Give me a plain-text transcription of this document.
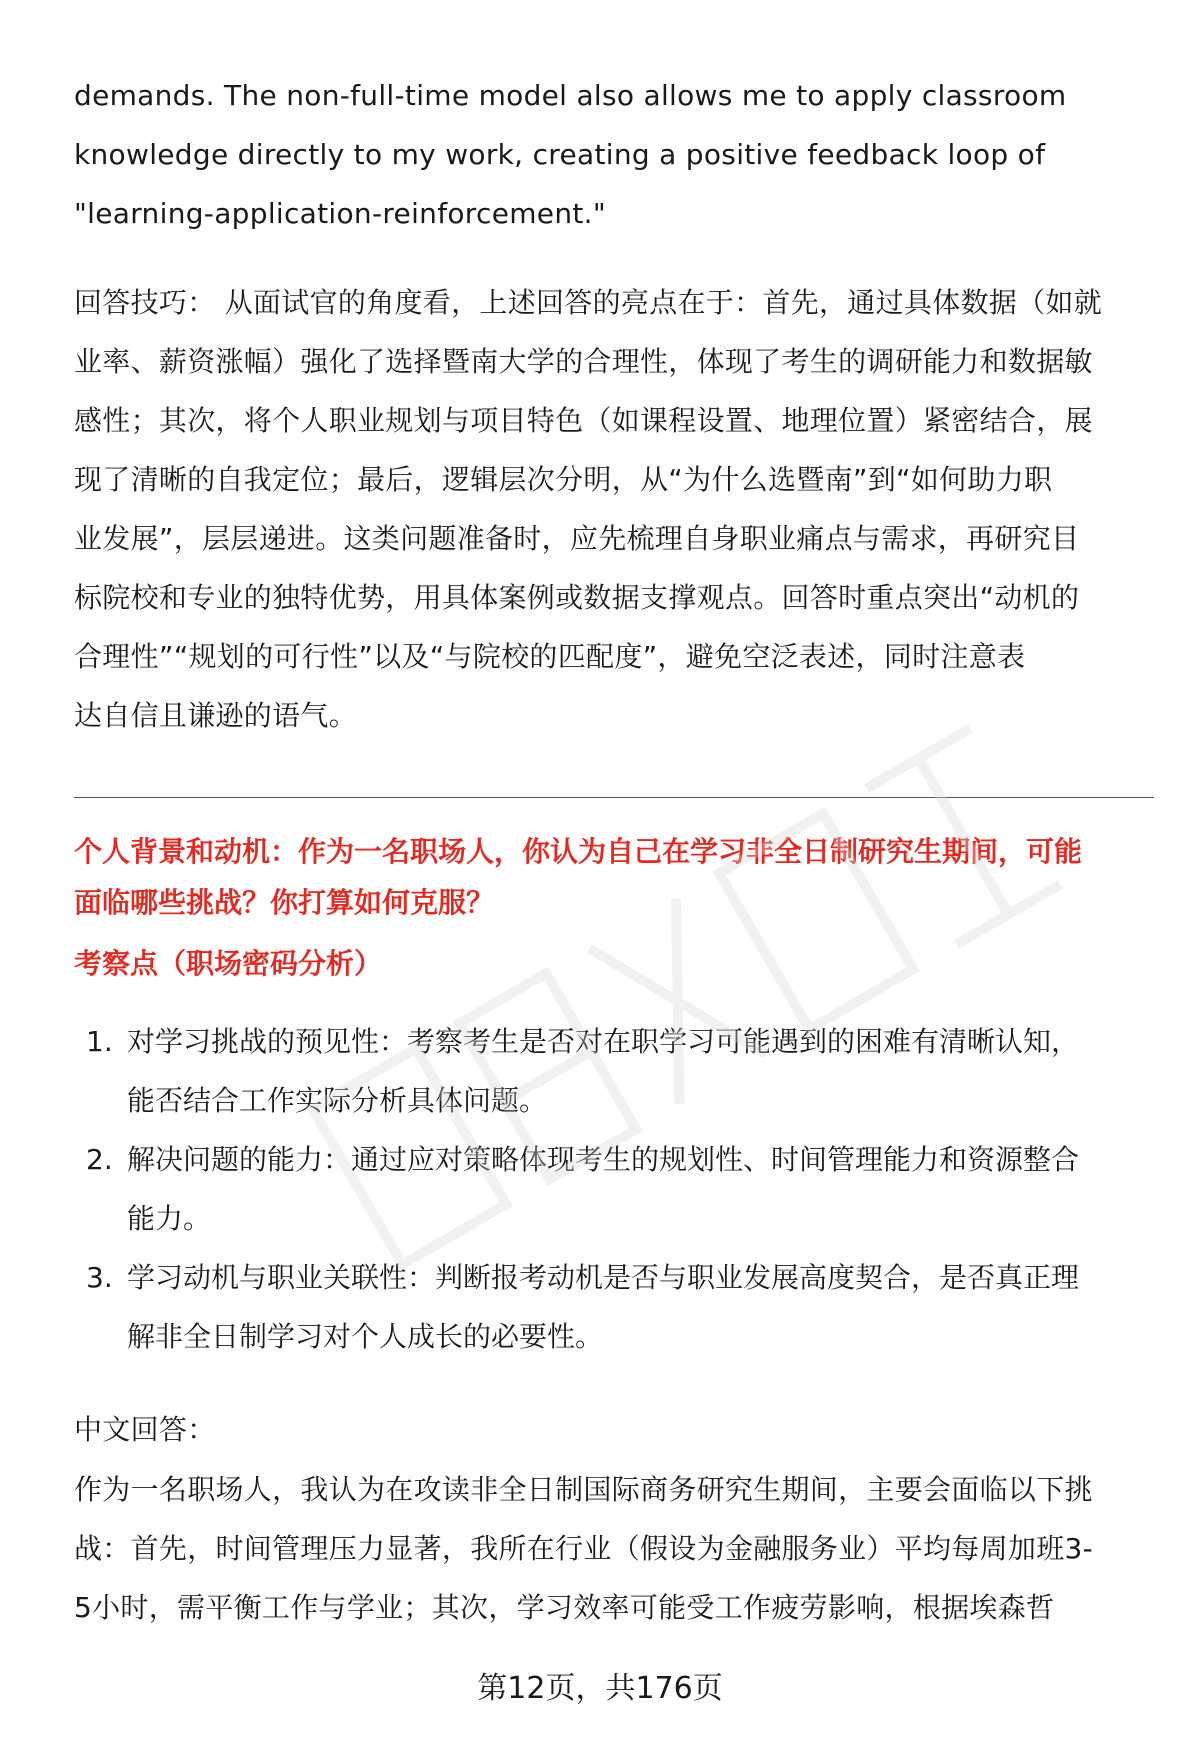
demands. The non-full-time model also allows me to apply classroom

knowledge directly to my work, creating a positive feedback loop of

"learning-application-reinforcement."

回答技巧： 从面试官的角度看，上述回答的亮点在于：首先，通过具体数据（如就

业率、薪资涨幅）强化了选择暨南大学的合理性，体现了考生的调研能力和数据敏

感性；其次，将个人职业规划与项目特色（如课程设置、地理位置）紧密结合，展

现了清晰的自我定位；最后，逻辑层次分明，从“为什么选暨南”到“如何助力职

业发展”，层层递进。这类问题准备时，应先梳理自身职业痛点与需求，再研究目

标院校和专业的独特优势，用具体案例或数据支撑观点。回答时重点突出“动机的

合理性”“规划的可行性”以及“与院校的匹配度”，避免空泛表述，同时注意表

达自信且谦逊的语气。

个人背景和动机：作为一名职场人，你认为自己在学习非全日制研究生期间，可能
面临哪些挑战？你打算如何克服？
考察点（职场密码分析）
1. 对学习挑战的预见性：考察考生是否对在职学习可能遇到的困难有清晰认知，
能否结合工作实际分析具体问题。
2. 解决问题的能力：通过应对策略体现考生的规划性、时间管理能力和资源整合
能力。
3. 学习动机与职业关联性：判断报考动机是否与职业发展高度契合，是否真正理
解非全日制学习对个人成长的必要性。

中文回答：

作为一名职场人，我认为在攻读非全日制国际商务研究生期间，主要会面临以下挑

战：首先，时间管理压力显著，我所在行业（假设为金融服务业）平均每周加班3-

5小时，需平衡工作与学业；其次，学习效率可能受工作疲劳影响，根据埃森哲

第12页，共176页
